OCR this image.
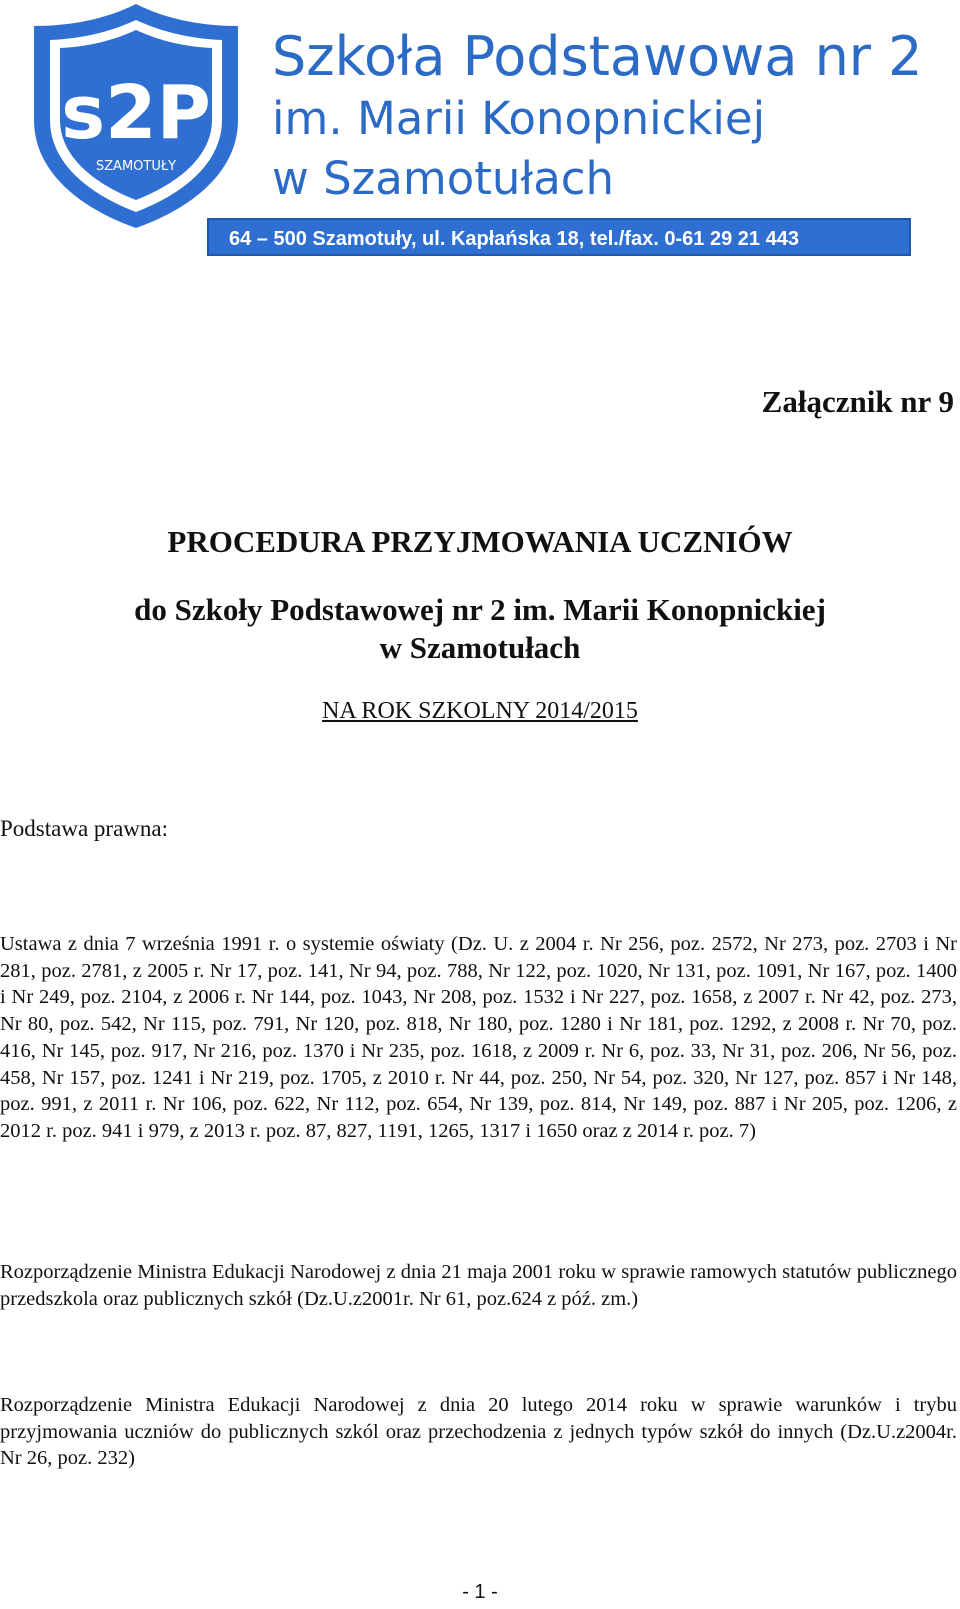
s2P
SZAMOTUŁY
Szkoła Podstawowa nr 2
im. Marii Konopnickiej
w Szamotułach
64 – 500 Szamotuły, ul. Kapłańska 18, tel./fax. 0-61 29 21 443
Załącznik nr 9
PROCEDURA PRZYJMOWANIA UCZNIÓW
do Szkoły Podstawowej nr 2 im. Marii Konopnickiej
w Szamotułach
NA ROK SZKOLNY 2014/2015
Podstawa prawna:
Ustawa z dnia 7 września 1991 r. o systemie oświaty (Dz. U. z 2004 r. Nr 256, poz. 2572, Nr 273, poz. 2703 i Nr 281, poz. 2781, z 2005 r. Nr 17, poz. 141, Nr 94, poz. 788, Nr 122, poz. 1020, Nr 131, poz. 1091, Nr 167, poz. 1400 i Nr 249, poz. 2104, z 2006 r. Nr 144, poz. 1043, Nr 208, poz. 1532 i Nr 227, poz. 1658, z 2007 r. Nr 42, poz. 273, Nr 80, poz. 542, Nr 115, poz. 791, Nr 120, poz. 818, Nr 180, poz. 1280 i Nr 181, poz. 1292, z 2008 r. Nr 70, poz. 416, Nr 145, poz. 917, Nr 216, poz. 1370 i Nr 235, poz. 1618, z 2009 r. Nr 6, poz. 33, Nr 31, poz. 206, Nr 56, poz. 458, Nr 157, poz. 1241 i Nr 219, poz. 1705, z 2010 r. Nr 44, poz. 250, Nr 54, poz. 320, Nr 127, poz. 857 i Nr 148, poz. 991, z 2011 r. Nr 106, poz. 622, Nr 112, poz. 654, Nr 139, poz. 814, Nr 149, poz. 887 i Nr 205, poz. 1206, z 2012 r. poz. 941 i 979, z 2013 r. poz. 87, 827, 1191, 1265, 1317 i 1650 oraz z 2014 r. poz. 7)
Rozporządzenie Ministra Edukacji Narodowej z dnia 21 maja 2001 roku w sprawie ramowych statutów publicznego przedszkola oraz publicznych szkół (Dz.U.z2001r. Nr 61, poz.624 z póź. zm.)
Rozporządzenie Ministra Edukacji Narodowej z dnia 20 lutego 2014 roku w sprawie warunków i trybu przyjmowania uczniów do publicznych szkól oraz przechodzenia z jednych typów szkół do innych (Dz.U.z2004r. Nr 26, poz. 232)
- 1 -
